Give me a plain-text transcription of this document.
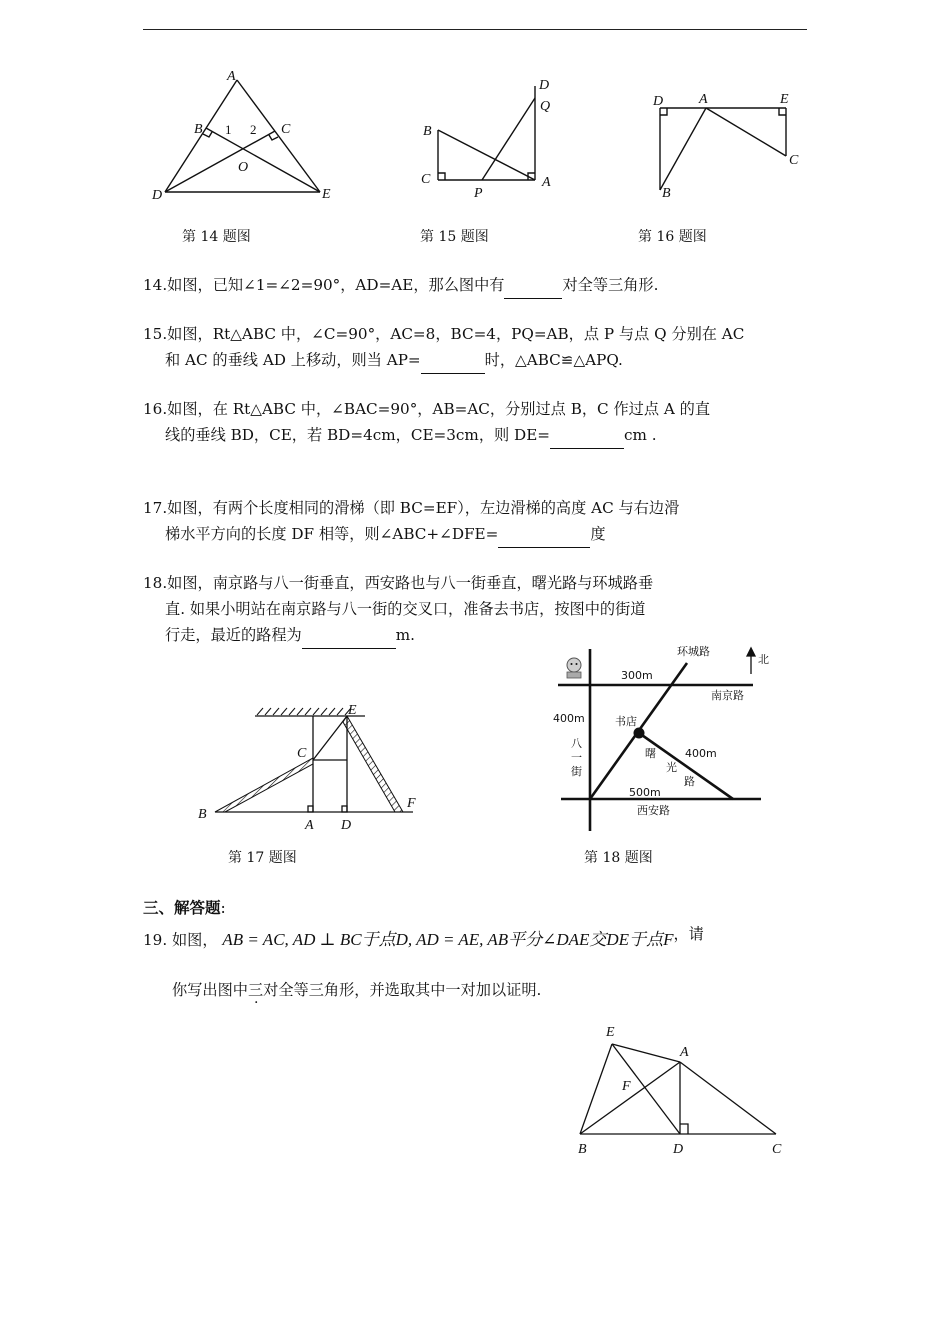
A
B	C
D	E
O
1 2
第 14 题图
D
Q
B
C
P
A
第 15 题图
D	A	E
B
C
第 16 题图
14.如图，已知∠1=∠2=90°，AD=AE，那么图中有	对全等三角形.
15.如图，Rt△ABC 中，∠C=90°，AC=8，BC=4，PQ=AB，点 P 与点 Q 分别在 AC
和 AC 的垂线 AD 上移动，则当 AP=	时，△ABC≌△APQ.
16.如图，在 Rt△ABC 中，∠BAC=90°，AB=AC，分别过点 B，C 作过点 A 的直
线的垂线 BD，CE，若 BD=4cm，CE=3cm，则 DE=	cm .
17.如图，有两个长度相同的滑梯（即 BC=EF），左边滑梯的高度 AC 与右边滑
梯水平方向的长度 DF 相等，则∠ABC+∠DFE=	度
18.如图，南京路与八一街垂直，西安路也与八一街垂直，曙光路与环城路垂
直. 如果小明站在南京路与八一街的交叉口，准备去书店，按图中的街道
行走，最近的路程为	m.
E
C
B
A D
F
第 17 题图
环城路
北
300m
南京路
400m	书店
八
一
街
曙
光
路
400m
500m
西安路
第 18 题图
三、解答题:
19. 如图， AB = AC, AD ⊥ BC于点D, AD = AE, AB平分∠DAE交DE于点F，请
你写出图中三对全等三角形，并选取其中一对加以证明.
E
A
F
B	D	C
